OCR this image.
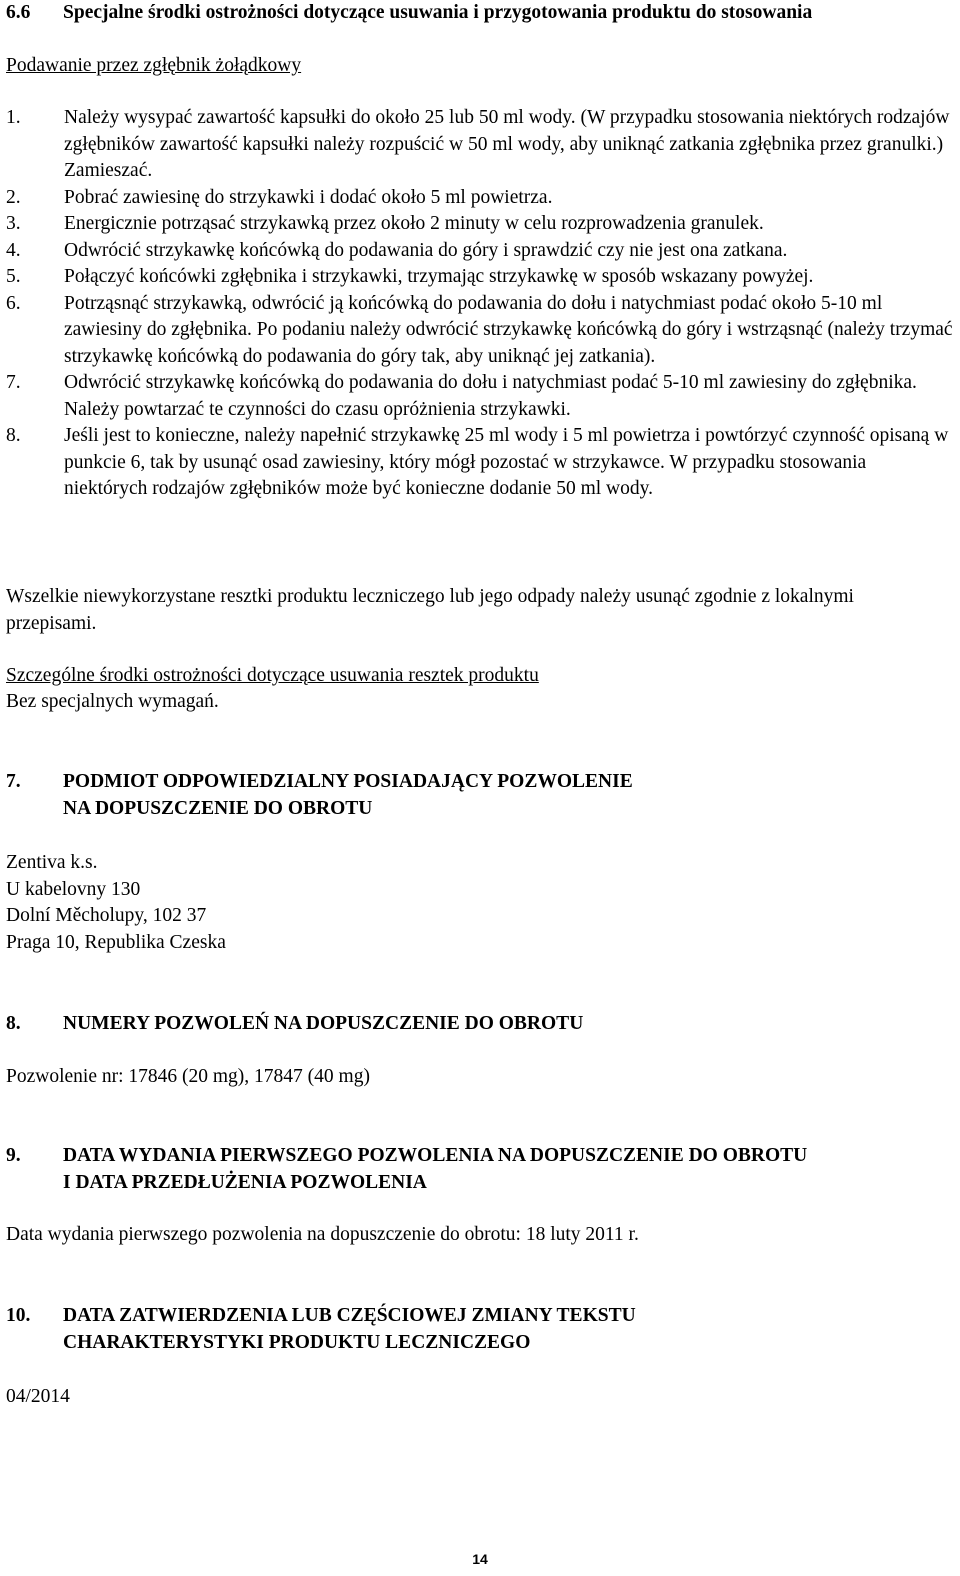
6.6	Specjalne środki ostrożności dotyczące usuwania i przygotowania produktu do stosowania
Podawanie przez zgłębnik żołądkowy
1.	Należy wysypać zawartość kapsułki do około 25 lub 50 ml wody. (W przypadku stosowania niektórych rodzajów zgłębników zawartość kapsułki należy rozpuścić w 50 ml wody, aby uniknąć zatkania zgłębnika przez granulki.) Zamieszać.
2.	Pobrać zawiesinę do strzykawki i dodać około 5 ml powietrza.
3.	Energicznie potrząsać strzykawką przez około 2 minuty w celu rozprowadzenia granulek.
4.	Odwrócić strzykawkę końcówką do podawania do góry i sprawdzić czy nie jest ona zatkana.
5.	Połączyć końcówki zgłębnika i strzykawki, trzymając strzykawkę w sposób wskazany powyżej.
6.	Potrząsnąć strzykawką, odwrócić ją końcówką do podawania do dołu i natychmiast podać około 5-10 ml zawiesiny do zgłębnika. Po podaniu należy odwrócić strzykawkę końcówką do góry i wstrząsnąć (należy trzymać strzykawkę końcówką do podawania do góry tak, aby uniknąć jej zatkania).
7.	Odwrócić strzykawkę końcówką do podawania do dołu i natychmiast podać 5-10 ml zawiesiny do zgłębnika. Należy powtarzać te czynności do czasu opróżnienia strzykawki.
8.	Jeśli jest to konieczne, należy napełnić strzykawkę 25 ml wody i 5 ml powietrza i powtórzyć czynność opisaną w punkcie 6, tak by usunąć osad zawiesiny, który mógł pozostać w strzykawce. W przypadku stosowania niektórych rodzajów zgłębników może być konieczne dodanie 50 ml wody.
Wszelkie niewykorzystane resztki produktu leczniczego lub jego odpady należy usunąć zgodnie z lokalnymi przepisami.
Szczególne środki ostrożności dotyczące usuwania resztek produktu
Bez specjalnych wymagań.
7.	PODMIOT ODPOWIEDZIALNY POSIADAJĄCY POZWOLENIE
NA DOPUSZCZENIE DO OBROTU
Zentiva k.s.
U kabelovny 130
Dolní Měcholupy, 102 37
Praga 10, Republika Czeska
8.	NUMERY POZWOLEŃ NA DOPUSZCZENIE DO OBROTU
Pozwolenie nr: 17846 (20 mg), 17847 (40 mg)
9.	DATA WYDANIA PIERWSZEGO POZWOLENIA NA DOPUSZCZENIE DO OBROTU
I DATA PRZEDŁUŻENIA POZWOLENIA
Data wydania pierwszego pozwolenia na dopuszczenie do obrotu: 18 luty 2011 r.
10.	DATA ZATWIERDZENIA LUB CZĘŚCIOWEJ ZMIANY TEKSTU
CHARAKTERYSTYKI PRODUKTU LECZNICZEGO
04/2014
14
